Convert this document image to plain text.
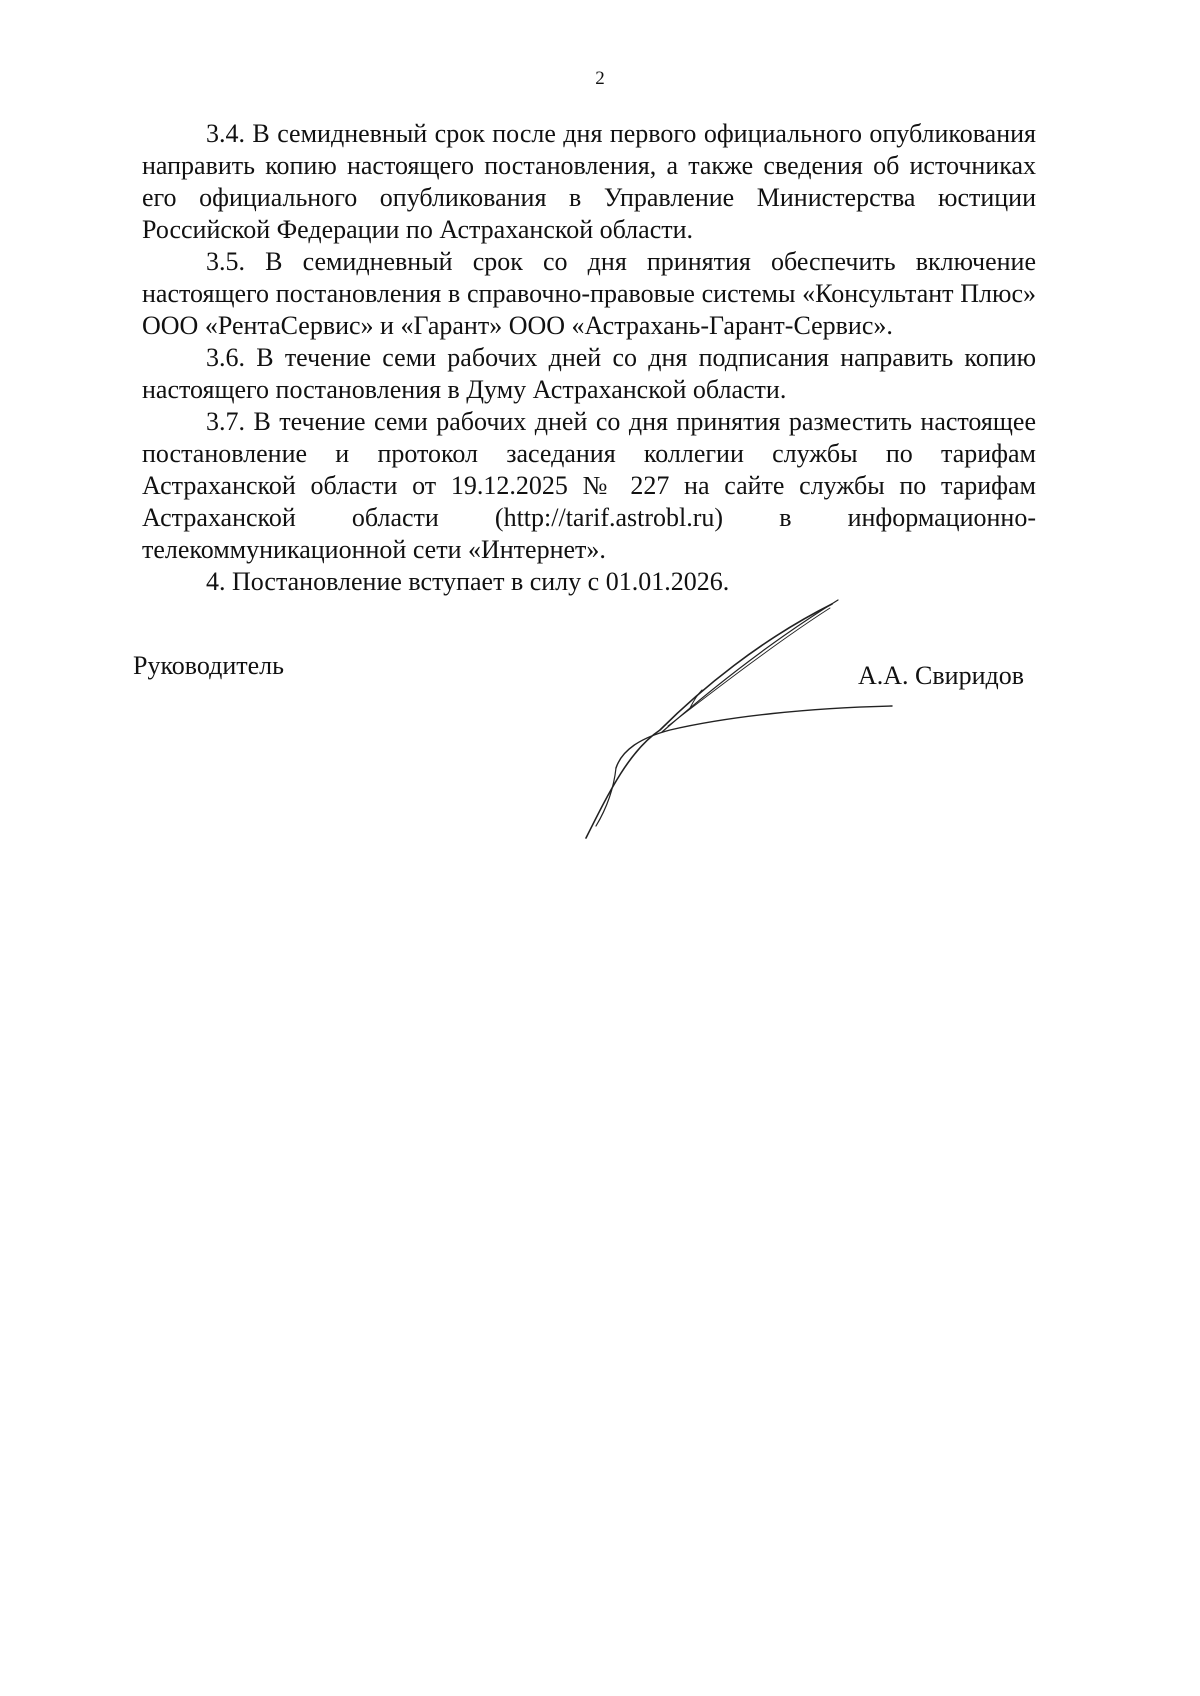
2

3.4. В семидневный срок после дня первого официального опубликования направить копию настоящего постановления, а также сведения об источниках его официального опубликования в Управление Министерства юстиции Российской Федерации по Астраханской области.

3.5. В семидневный срок со дня принятия обеспечить включение настоящего постановления в справочно-правовые системы «Консультант Плюс» ООО «РентаСервис» и «Гарант» ООО «Астрахань-Гарант-Сервис».

3.6. В течение семи рабочих дней со дня подписания направить копию настоящего постановления в Думу Астраханской области.

3.7. В течение семи рабочих дней со дня принятия разместить настоящее постановление и протокол заседания коллегии службы по тарифам Астраханской области от 19.12.2025 № 227 на сайте службы по тарифам Астраханской области (http://tarif.astrobl.ru) в информационно-телекоммуникационной сети «Интернет».

4. Постановление вступает в силу с 01.01.2026.

Руководитель	А.А. Свиридов
